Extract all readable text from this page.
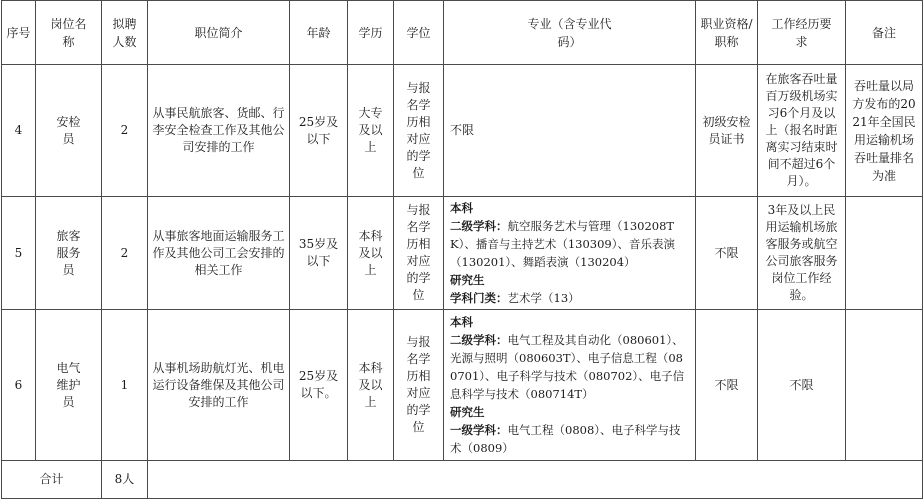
序号	岗位名称	拟聘人数	职位简介	年龄	学历	学位	专业（含专业代码）	职业资格/职称	工作经历要求	备注
4	安检员	2	从事民航旅客、货邮、行李安全检查工作及其他公司安排的工作	25岁及以下	大专及以上	与报名学历相对应的学位	不限	初级安检员证书	在旅客吞吐量百万级机场实习6个月及以上（报名时距离实习结束时间不超过6个月）。	吞吐量以局方发布的2021年全国民用运输机场吞吐量排名为准
5	旅客服务员	2	从事旅客地面运输服务工作及其他公司工会安排的相关工作	35岁及以下	本科及以上	与报名学历相对应的学位	本科
二级学科：航空服务艺术与管理（130208TK）、播音与主持艺术（130309）、音乐表演（130201）、舞蹈表演（130204）
研究生
学科门类：艺术学（13）	不限	3年及以上民用运输机场旅客服务或航空公司旅客服务岗位工作经验。	
6	电气维护员	1	从事机场助航灯光、机电运行设备维保及其他公司安排的工作	25岁及以下。	本科及以上	与报名学历相对应的学位	本科
二级学科：电气工程及其自动化（080601）、光源与照明（080603T）、电子信息工程（080701）、电子科学与技术（080702）、电子信息科学与技术（080714T）
研究生
一级学科：电气工程（0808）、电子科学与技术（0809）	不限	不限	
合计		8人								
